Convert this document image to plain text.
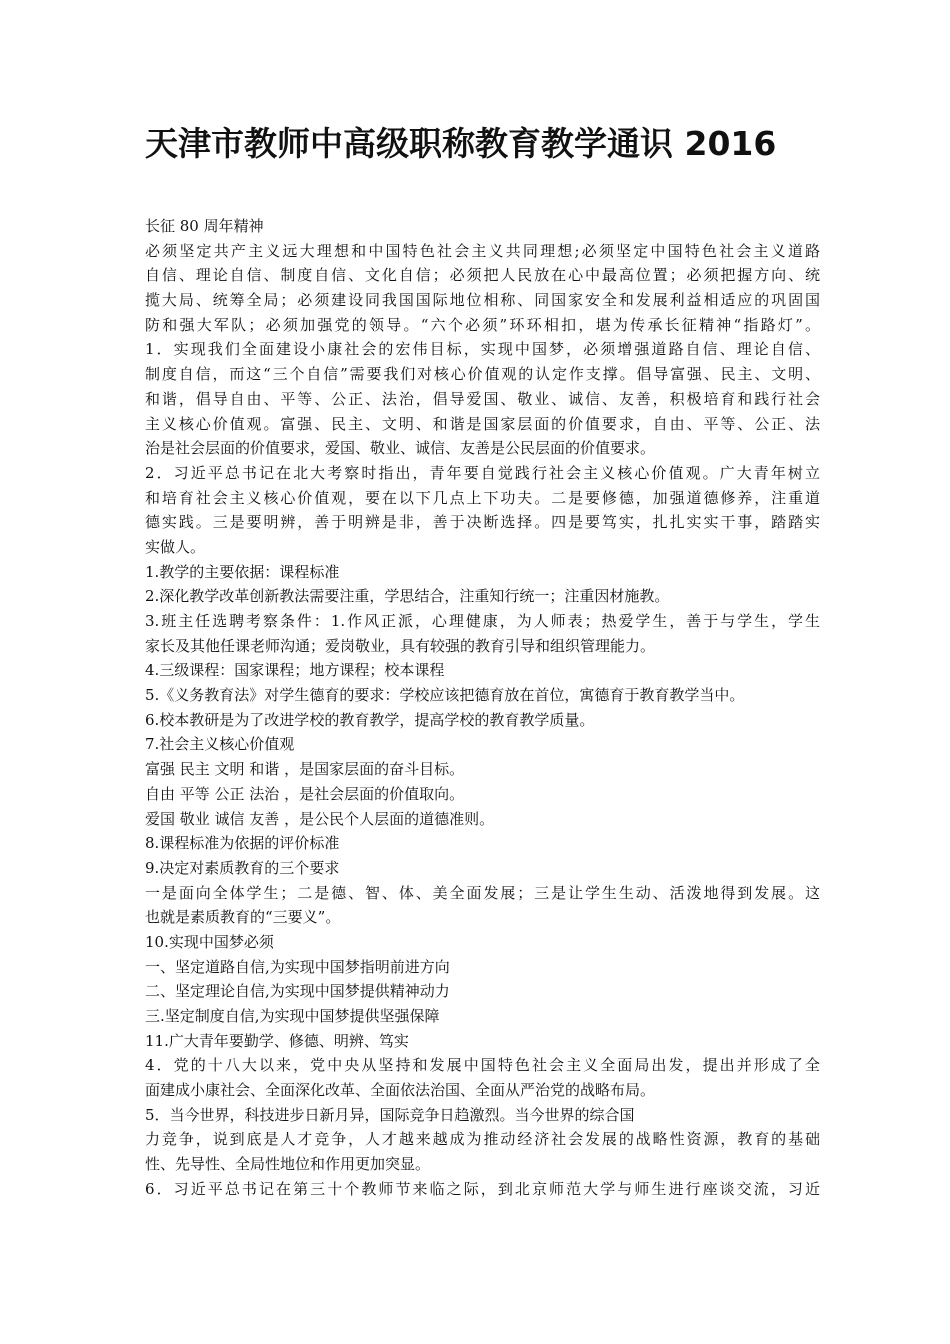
天津市教师中高级职称教育教学通识 2016
长征 80 周年精神
必须坚定共产主义远大理想和中国特色社会主义共同理想;必须坚定中国特色社会主义道路
自信、理论自信、制度自信、文化自信；必须把人民放在心中最高位置；必须把握方向、统
揽大局、统筹全局；必须建设同我国国际地位相称、同国家安全和发展利益相适应的巩固国
防和强大军队；必须加强党的领导。“六个必须”环环相扣，堪为传承长征精神“指路灯”。
1．实现我们全面建设小康社会的宏伟目标，实现中国梦，必须增强道路自信、理论自信、
制度自信，而这“三个自信”需要我们对核心价值观的认定作支撑。倡导富强、民主、文明、
和谐，倡导自由、平等、公正、法治，倡导爱国、敬业、诚信、友善，积极培育和践行社会
主义核心价值观。富强、民主、文明、和谐是国家层面的价值要求，自由、平等、公正、法
治是社会层面的价值要求，爱国、敬业、诚信、友善是公民层面的价值要求。
2．习近平总书记在北大考察时指出，青年要自觉践行社会主义核心价值观。广大青年树立
和培育社会主义核心价值观，要在以下几点上下功夫。二是要修德，加强道德修养，注重道
德实践。三是要明辨，善于明辨是非，善于决断选择。四是要笃实，扎扎实实干事，踏踏实
实做人。
1.教学的主要依据：课程标准
2.深化教学改革创新教法需要注重，学思结合，注重知行统一；注重因材施教。
3.班主任选聘考察条件：1.作风正派，心理健康，为人师表；热爱学生，善于与学生，学生
家长及其他任课老师沟通；爱岗敬业，具有较强的教育引导和组织管理能力。
4.三级课程：国家课程；地方课程；校本课程
5.《义务教育法》对学生德育的要求：学校应该把德育放在首位，寓德育于教育教学当中。
6.校本教研是为了改进学校的教育教学，提高学校的教育教学质量。
7.社会主义核心价值观
富强 民主 文明 和谐 ，是国家层面的奋斗目标。
自由 平等 公正 法治 ，是社会层面的价值取向。
爱国 敬业 诚信 友善 ，是公民个人层面的道德准则。
8.课程标准为依据的评价标准
9.决定对素质教育的三个要求
一是面向全体学生；二是德、智、体、美全面发展；三是让学生生动、活泼地得到发展。这
也就是素质教育的“三要义”。
10.实现中国梦必须
一、坚定道路自信,为实现中国梦指明前进方向
二、坚定理论自信,为实现中国梦提供精神动力
三.坚定制度自信,为实现中国梦提供坚强保障
11.广大青年要勤学、修德、明辨、笃实
4．党的十八大以来，党中央从坚持和发展中国特色社会主义全面局出发，提出并形成了全
面建成小康社会、全面深化改革、全面依法治国、全面从严治党的战略布局。
5．当今世界，科技进步日新月异，国际竞争日趋激烈。当今世界的综合国
力竞争，说到底是人才竞争，人才越来越成为推动经济社会发展的战略性资源，教育的基础
性、先导性、全局性地位和作用更加突显。
6．习近平总书记在第三十个教师节来临之际，到北京师范大学与师生进行座谈交流，习近
